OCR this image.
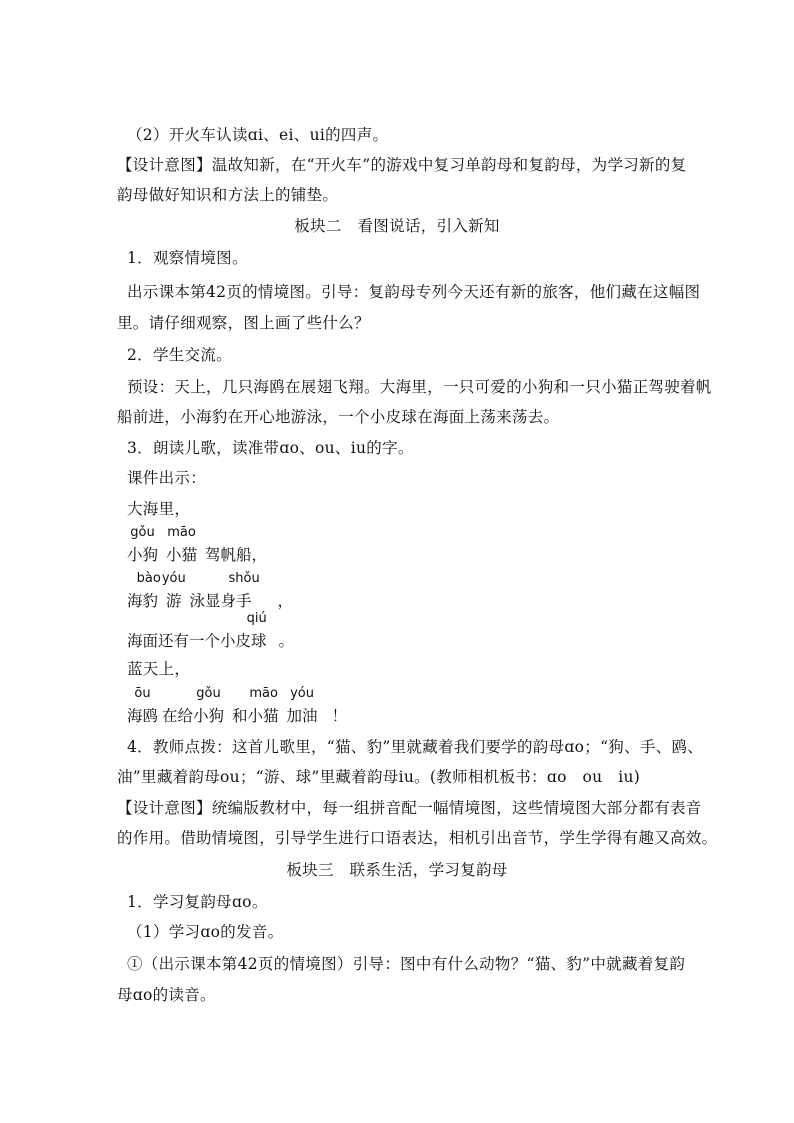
（2）开火车认读ɑi、ei、ui的四声。
【设计意图】温故知新，在“开火车”的游戏中复习单韵母和复韵母，为学习新的复
韵母做好知识和方法上的铺垫。
板块二　看图说话，引入新知
1．观察情境图。
出示课本第42页的情境图。引导：复韵母专列今天还有新的旅客，他们藏在这幅图
里。请仔细观察，图上画了些什么？
2．学生交流。
预设：天上，几只海鸥在展翅飞翔。大海里，一只可爱的小狗和一只小猫正驾驶着帆
船前进，小海豹在开心地游泳，一个小皮球在海面上荡来荡去。
3．朗读儿歌，读准带ɑo、ou、iu的字。
课件出示：
大海里，
gǒu
小狗
māo
小猫 驾帆船，
bào
海豹
yóu
游
shǒu
泳显身手 ，
qiú
海面还有一个小皮球 。
蓝天上，
ōu
海鸥
gǒu
在给小狗
māo
和小猫
yóu
加油 ！
4．教师点拨：这首儿歌里，“猫、豹”里就藏着我们要学的韵母ɑo；“狗、手、鸥、
油”里藏着韵母ou；“游、球”里藏着韵母iu。(教师相机板书：ɑo　ou　iu)
【设计意图】统编版教材中，每一组拼音配一幅情境图，这些情境图大部分都有表音
的作用。借助情境图，引导学生进行口语表达，相机引出音节，学生学得有趣又高效。
板块三　联系生活，学习复韵母
1．学习复韵母ɑo。
（1）学习ɑo的发音。
①（出示课本第42页的情境图）引导：图中有什么动物？“猫、豹”中就藏着复韵
母ɑo的读音。
